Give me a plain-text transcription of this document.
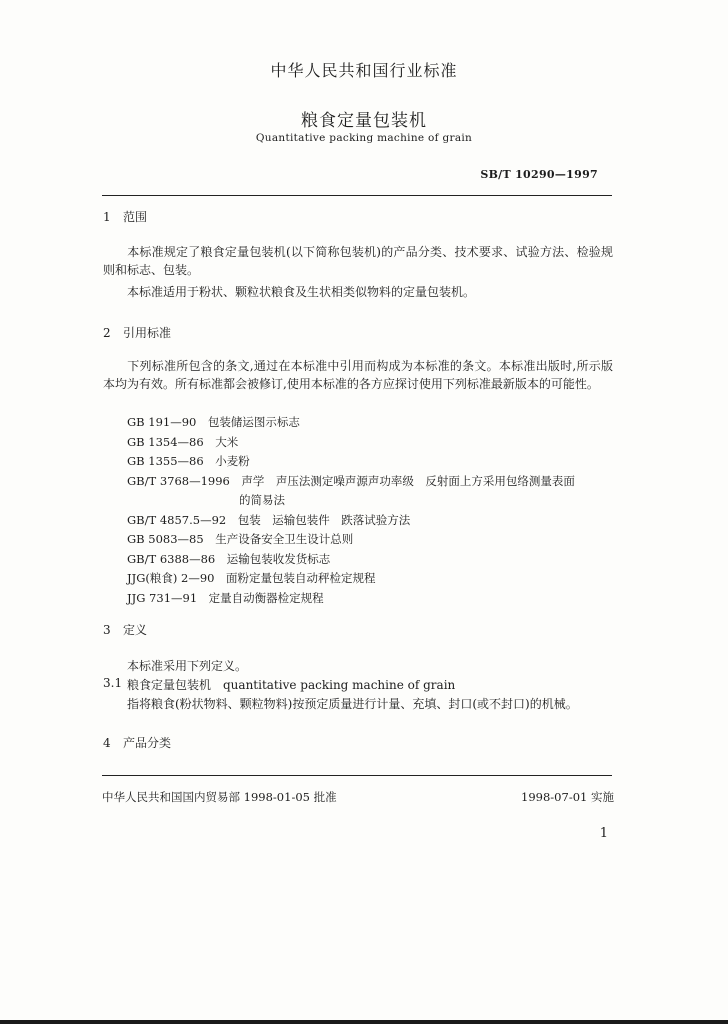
中华人民共和国行业标准
粮食定量包装机
Quantitative packing machine of grain
SB/T 10290—1997
1 范围
本标准规定了粮食定量包装机(以下简称包装机)的产品分类、技术要求、试验方法、检验规则和标志、包装。
本标准适用于粉状、颗粒状粮食及生状相类似物料的定量包装机。
2 引用标准
下列标准所包含的条文,通过在本标准中引用而构成为本标准的条文。本标准出版时,所示版本均为有效。所有标准都会被修订,使用本标准的各方应探讨使用下列标准最新版本的可能性。
GB 191—90　包装储运图示标志
GB 1354—86　大米
GB 1355—86　小麦粉
GB/T 3768—1996　声学　声压法测定噪声源声功率级　反射面上方采用包络测量表面
的简易法
GB/T 4857.5—92　包装　运输包装件　跌落试验方法
GB 5083—85　生产设备安全卫生设计总则
GB/T 6388—86　运输包装收发货标志
JJG(粮食) 2—90　面粉定量包装自动秤检定规程
JJG 731—91　定量自动衡器检定规程
3 定义
本标准采用下列定义。
3.1 粮食定量包装机　quantitative packing machine of grain
指将粮食(粉状物料、颗粒物料)按预定质量进行计量、充填、封口(或不封口)的机械。
4 产品分类
中华人民共和国国内贸易部 1998-01-05 批准	1998-07-01 实施
1
